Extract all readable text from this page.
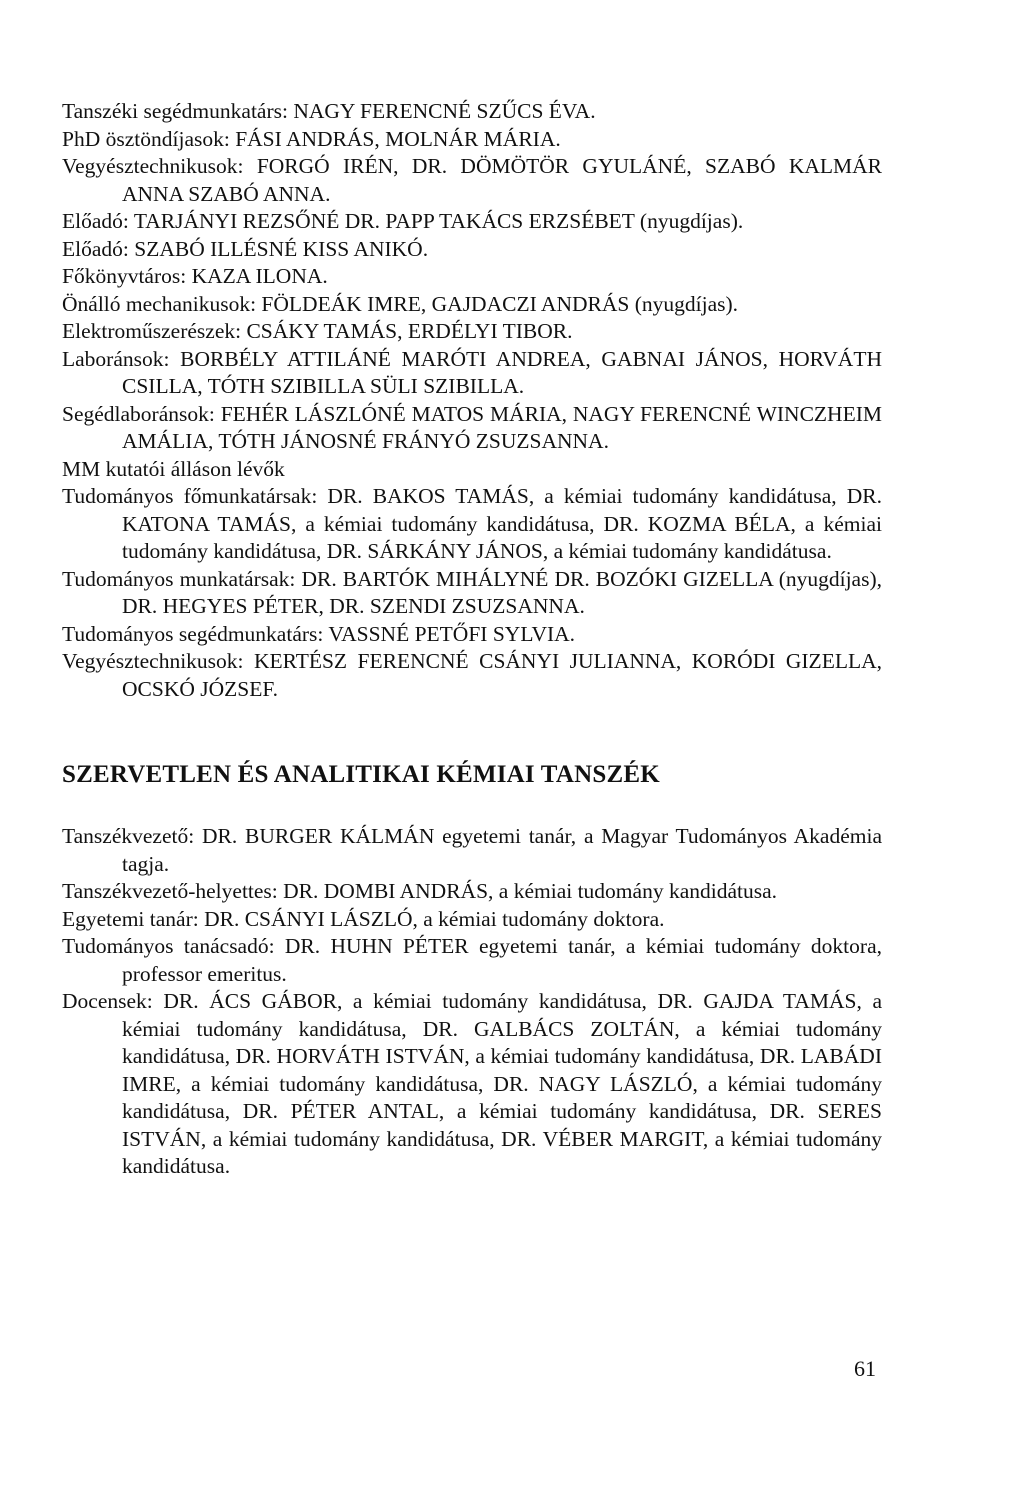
Tanszéki segédmunkatárs: NAGY FERENCNÉ SZŰCS ÉVA.

PhD ösztöndíjasok: FÁSI ANDRÁS, MOLNÁR MÁRIA.

Vegyésztechnikusok: FORGÓ IRÉN, DR. DÖMÖTÖR GYULÁNÉ, SZABÓ KALMÁR ANNA SZABÓ ANNA.

Előadó: TARJÁNYI REZSŐNÉ DR. PAPP TAKÁCS ERZSÉBET (nyugdíjas).

Előadó: SZABÓ ILLÉSNÉ KISS ANIKÓ.

Főkönyvtáros: KAZA ILONA.

Önálló mechanikusok: FÖLDEÁK IMRE, GAJDACZI ANDRÁS (nyugdíjas).

Elektroműszerészek: CSÁKY TAMÁS, ERDÉLYI TIBOR.

Laboránsok: BORBÉLY ATTILÁNÉ MARÓTI ANDREA, GABNAI JÁNOS, HORVÁTH CSILLA, TÓTH SZIBILLA SÜLI SZIBILLA.

Segédlaboránsok: FEHÉR LÁSZLÓNÉ MATOS MÁRIA, NAGY FERENCNÉ WINCZHEIM AMÁLIA, TÓTH JÁNOSNÉ FRÁNYÓ ZSUZSANNA.

MM kutatói álláson lévők

Tudományos főmunkatársak: DR. BAKOS TAMÁS, a kémiai tudomány kandidátusa, DR. KATONA TAMÁS, a kémiai tudomány kandidátusa, DR. KOZMA BÉLA, a kémiai tudomány kandidátusa, DR. SÁRKÁNY JÁNOS, a kémiai tudomány kandidátusa.

Tudományos munkatársak: DR. BARTÓK MIHÁLYNÉ DR. BOZÓKI GIZELLA (nyugdíjas), DR. HEGYES PÉTER, DR. SZENDI ZSUZSANNA.

Tudományos segédmunkatárs: VASSNÉ PETŐFI SYLVIA.

Vegyésztechnikusok: KERTÉSZ FERENCNÉ CSÁNYI JULIANNA, KORÓDI GIZELLA, OCSKÓ JÓZSEF.

SZERVETLEN ÉS ANALITIKAI KÉMIAI TANSZÉK

Tanszékvezető: DR. BURGER KÁLMÁN egyetemi tanár, a Magyar Tudományos Akadémia tagja.

Tanszékvezető-helyettes: DR. DOMBI ANDRÁS, a kémiai tudomány kandidátusa.

Egyetemi tanár: DR. CSÁNYI LÁSZLÓ, a kémiai tudomány doktora.

Tudományos tanácsadó: DR. HUHN PÉTER egyetemi tanár, a kémiai tudomány doktora, professor emeritus.

Docensek: DR. ÁCS GÁBOR, a kémiai tudomány kandidátusa, DR. GAJDA TAMÁS, a kémiai tudomány kandidátusa, DR. GALBÁCS ZOLTÁN, a kémiai tudomány kandidátusa, DR. HORVÁTH ISTVÁN, a kémiai tudomány kandidátusa, DR. LABÁDI IMRE, a kémiai tudomány kandidátusa, DR. NAGY LÁSZLÓ, a kémiai tudomány kandidátusa, DR. PÉTER ANTAL, a kémiai tudomány kandidátusa, DR. SERES ISTVÁN, a kémiai tudomány kandidátusa, DR. VÉBER MARGIT, a kémiai tudomány kandidátusa.

61
